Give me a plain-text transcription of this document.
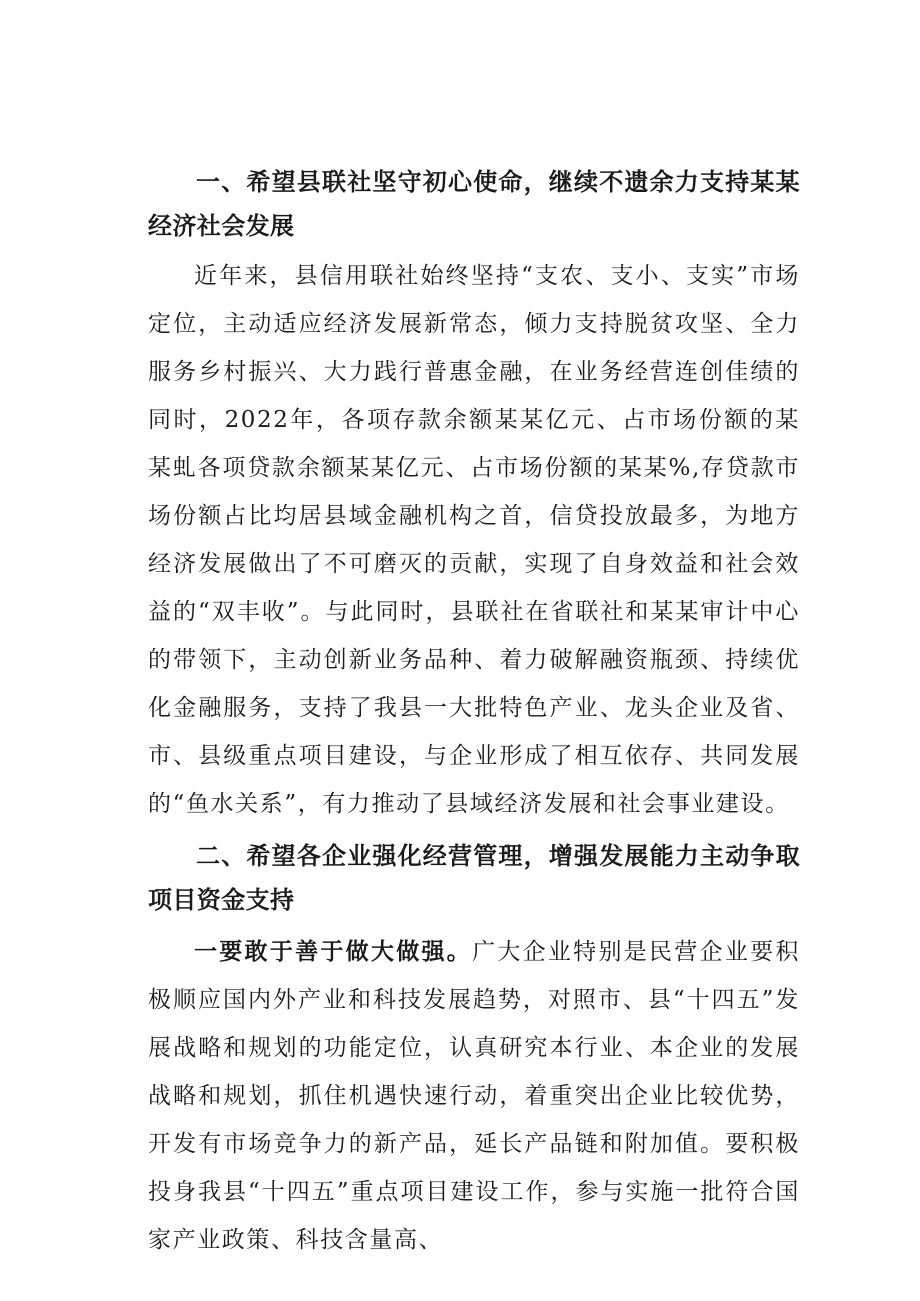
一、希望县联社坚守初心使命，继续不遗余力支持某某经济社会发展

近年来，县信用联社始终坚持“支农、支小、支实”市场定位，主动适应经济发展新常态，倾力支持脱贫攻坚、全力服务乡村振兴、大力践行普惠金融，在业务经营连创佳绩的同时，2022年，各项存款余额某某亿元、占市场份额的某某虬各项贷款余额某某亿元、占市场份额的某某%,存贷款市场份额占比均居县域金融机构之首，信贷投放最多，为地方经济发展做出了不可磨灭的贡献，实现了自身效益和社会效益的“双丰收”。与此同时，县联社在省联社和某某审计中心的带领下，主动创新业务品种、着力破解融资瓶颈、持续优化金融服务，支持了我县一大批特色产业、龙头企业及省、市、县级重点项目建设，与企业形成了相互依存、共同发展的“鱼水关系”，有力推动了县域经济发展和社会事业建设。

二、希望各企业强化经营管理，增强发展能力主动争取项目资金支持

一要敢于善于做大做强。广大企业特别是民营企业要积极顺应国内外产业和科技发展趋势，对照市、县“十四五”发展战略和规划的功能定位，认真研究本行业、本企业的发展战略和规划，抓住机遇快速行动，着重突出企业比较优势，开发有市场竞争力的新产品，延长产品链和附加值。要积极投身我县“十四五”重点项目建设工作，参与实施一批符合国家产业政策、科技含量高、
